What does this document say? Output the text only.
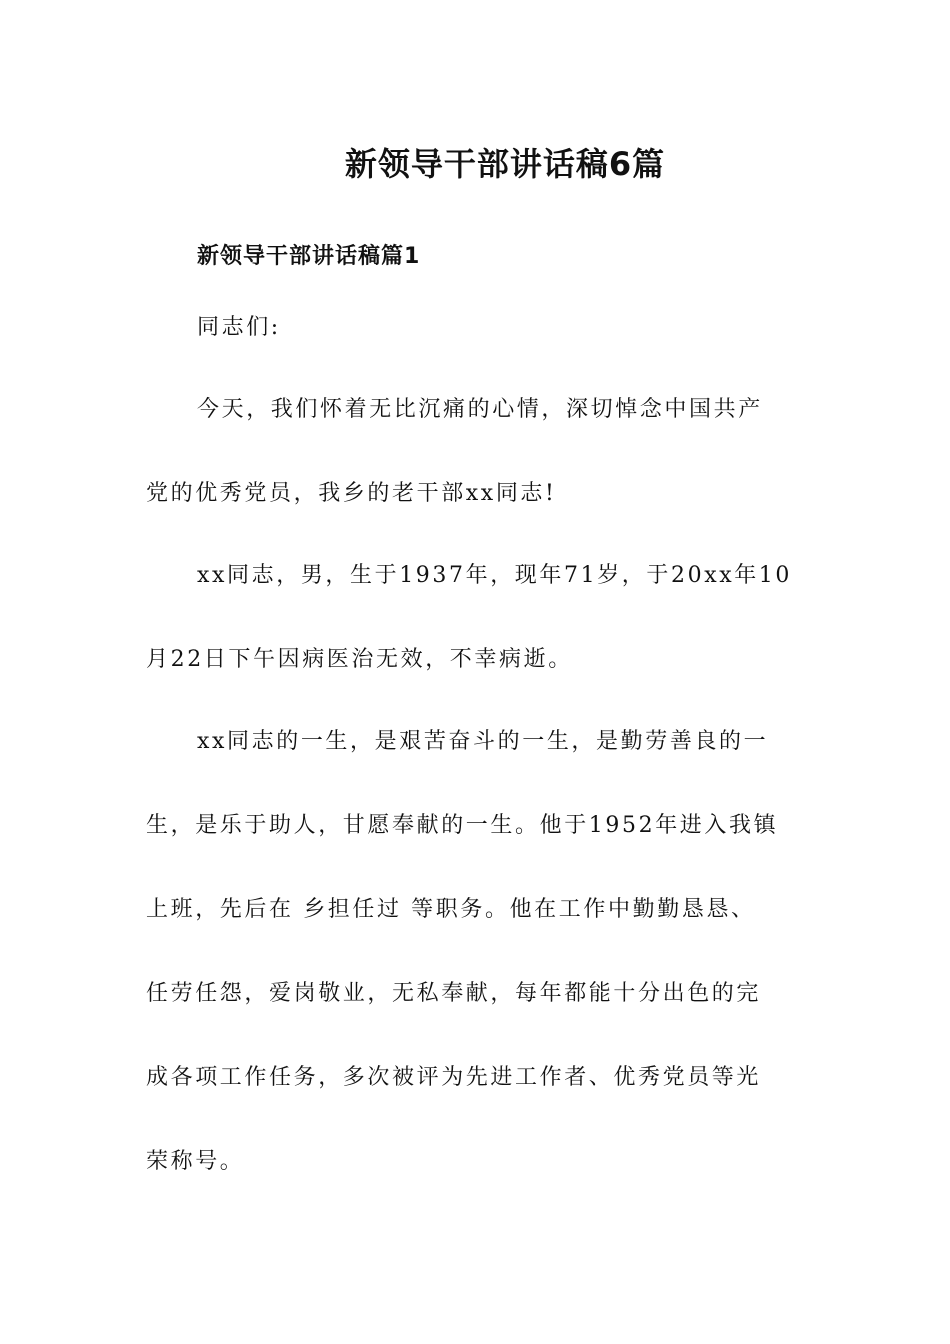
新领导干部讲话稿6篇
新领导干部讲话稿篇1
同志们:
今天，我们怀着无比沉痛的心情，深切悼念中国共产
党的优秀党员，我乡的老干部xx同志!
xx同志，男，生于1937年，现年71岁，于20xx年10
月22日下午因病医治无效，不幸病逝。
xx同志的一生，是艰苦奋斗的一生，是勤劳善良的一
生，是乐于助人，甘愿奉献的一生。他于1952年进入我镇
上班，先后在 乡担任过 等职务。他在工作中勤勤恳恳、
任劳任怨，爱岗敬业，无私奉献，每年都能十分出色的完
成各项工作任务，多次被评为先进工作者、优秀党员等光
荣称号。
